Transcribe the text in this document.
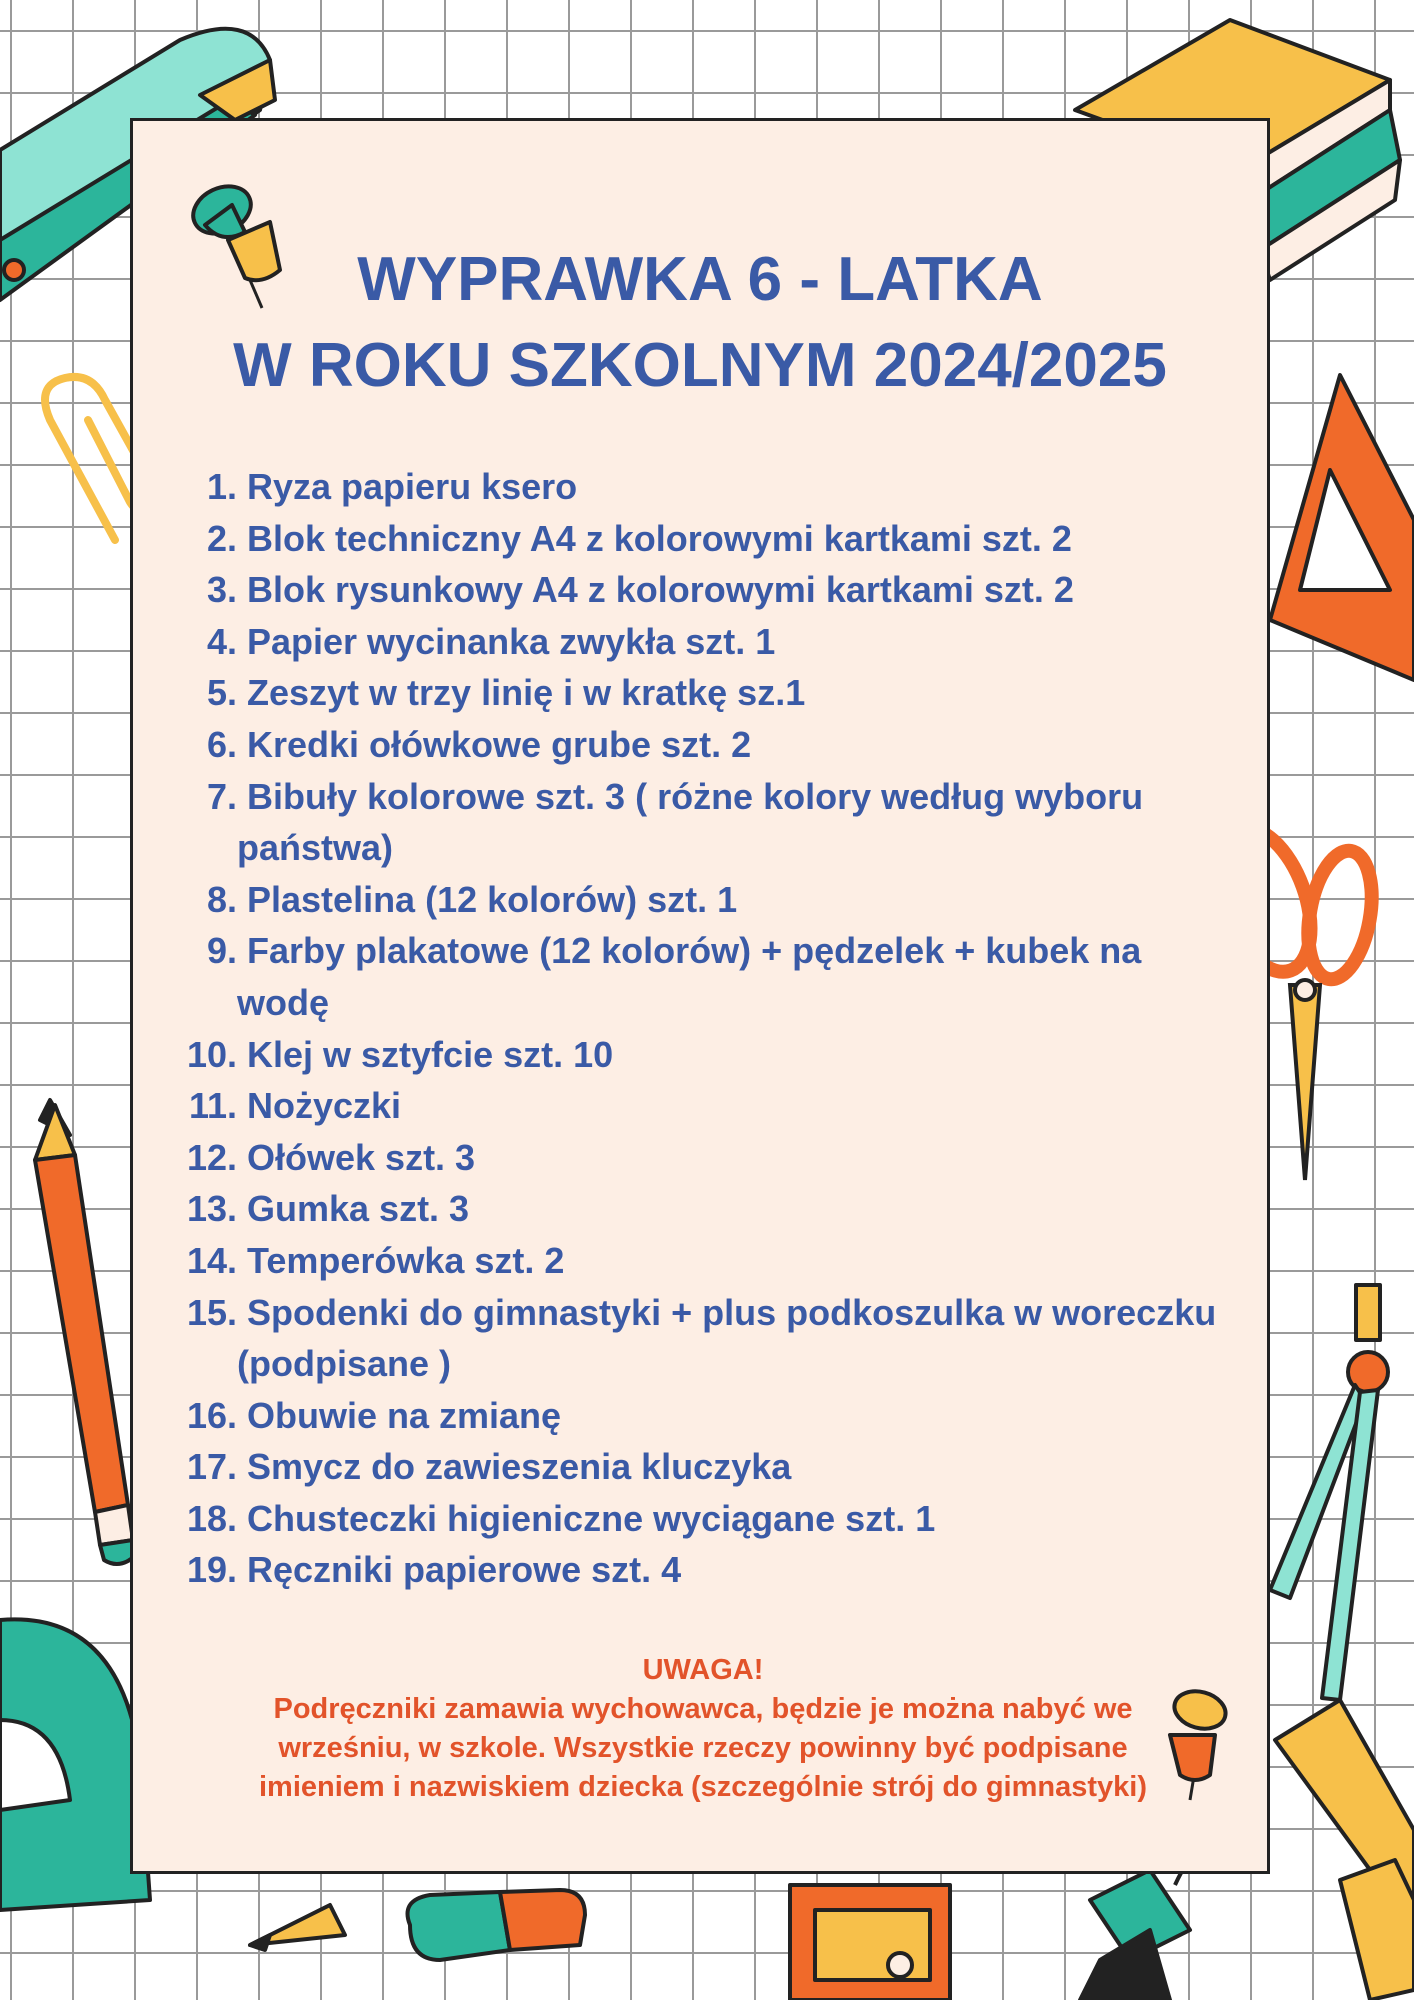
WYPRAWKA 6 - LATKA
W ROKU SZKOLNYM 2024/2025
1. Ryza papieru ksero
2. Blok techniczny A4 z kolorowymi kartkami szt. 2
3. Blok rysunkowy A4 z kolorowymi kartkami szt. 2
4. Papier wycinanka zwykła szt. 1
5. Zeszyt w trzy linię i w kratkę sz.1
6. Kredki ołówkowe grube szt. 2
7. Bibuły kolorowe szt. 3 ( różne kolory według wyboru
państwa)
8. Plastelina (12 kolorów) szt. 1
9. Farby plakatowe (12 kolorów) + pędzelek + kubek na
wodę
10. Klej w sztyfcie szt. 10
11. Nożyczki
12. Ołówek szt. 3
13. Gumka szt. 3
14. Temperówka szt. 2
15. Spodenki do gimnastyki + plus podkoszulka w woreczku
(podpisane )
16. Obuwie na zmianę
17. Smycz do zawieszenia kluczyka
18. Chusteczki higieniczne wyciągane szt. 1
19. Ręczniki papierowe szt. 4
UWAGA!
Podręczniki zamawia wychowawca, będzie je można nabyć we
wrześniu, w szkole. Wszystkie rzeczy powinny być podpisane
imieniem i nazwiskiem dziecka (szczególnie strój do gimnastyki)
